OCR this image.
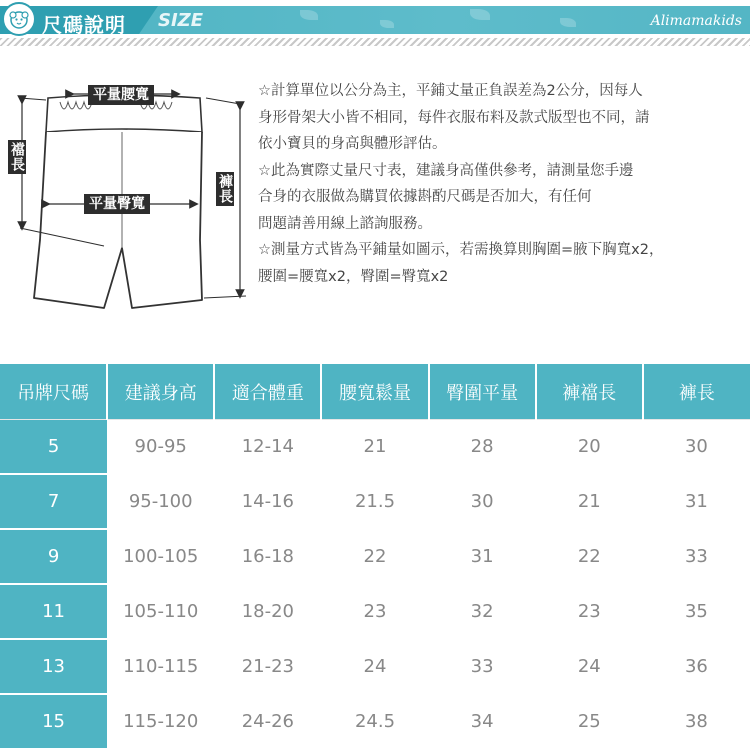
尺碼說明 SIZE	Alimamakids
平量腰寬
平量臀寬
襠長
褲長

☆計算單位以公分為主，平鋪丈量正負誤差為2公分，因每人

身形骨架大小皆不相同，每件衣服布料及款式版型也不同，請

依小寶貝的身高與體形評估。

☆此為實際丈量尺寸表，建議身高僅供參考，請測量您手邊

合身的衣服做為購買依據斟酌尺碼是否加大，有任何

問題請善用線上諮詢服務。

☆測量方式皆為平鋪量如圖示，若需換算則胸圍=腋下胸寬x2，

腰圍=腰寬x2，臀圍=臀寬x2

吊牌尺碼	建議身高	適合體重	腰寬鬆量	臀圍平量	褲襠長	褲長
5	90-95	12-14	21	28	20	30
7	95-100	14-16	21.5	30	21	31
9	100-105	16-18	22	31	22	33
11	105-110	18-20	23	32	23	35
13	110-115	21-23	24	33	24	36
15	115-120	24-26	24.5	34	25	38
